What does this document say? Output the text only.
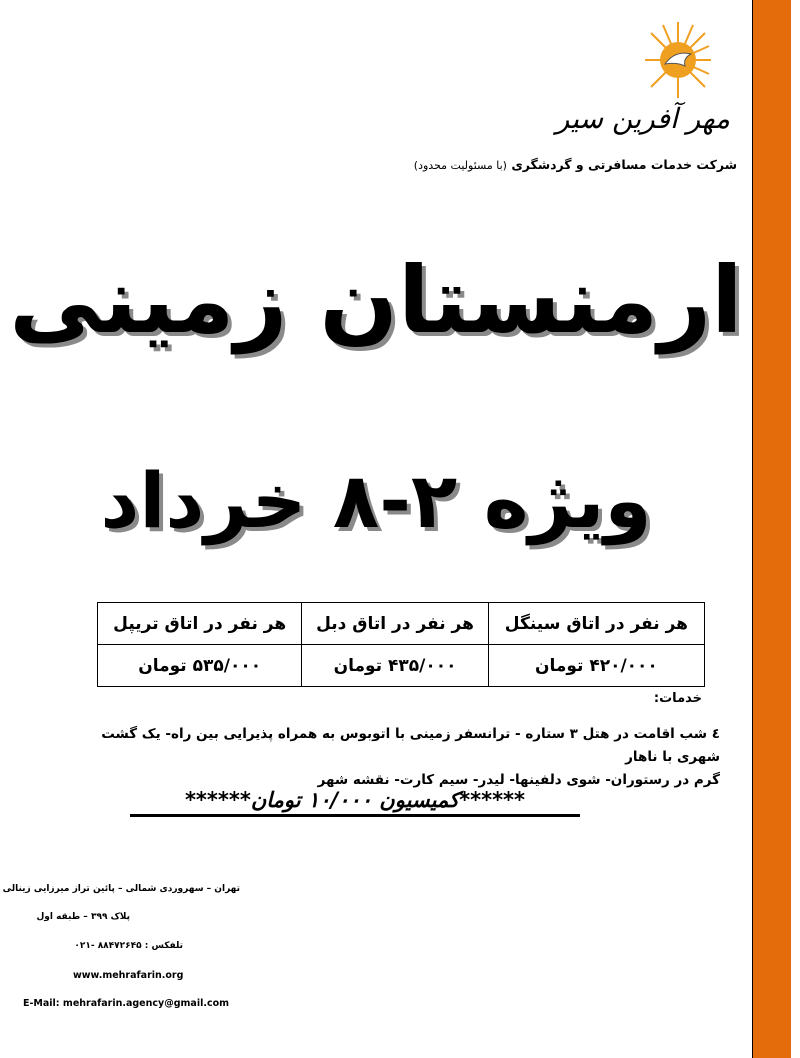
مهر آفرین سیر
شرکت خدمات مسافرتی و گردشگری (با مسئولیت محدود)
ارمنستان زمینی
ویژه ۲-۸ خرداد
هر نفر در اتاق سینگل	هر نفر در اتاق دبل	هر نفر در اتاق تریپل
۴۲۰/۰۰۰ تومان	۴۳۵/۰۰۰ تومان	۵۳۵/۰۰۰ تومان
خدمات:
٤ شب اقامت در هتل ۳ ستاره - ترانسفر زمینی با اتوبوس به همراه پذیرایی بین راه- یک گشت شهری با ناهار
گرم در رستوران- شوی دلفینها- لیدر- سیم کارت- نقشه شهر
******کمیسیون ۱۰/۰۰۰ تومان******
تهران – سهروردی شمالی – پائین تراز میرزایی زینالی
پلاک ۳۹۹ – طبقه اول
تلفکس : ۸۸۴۷۲۶۴۵ -۰۲۱
www.mehrafarin.org
E-Mail: mehrafarin.agency@gmail.com
